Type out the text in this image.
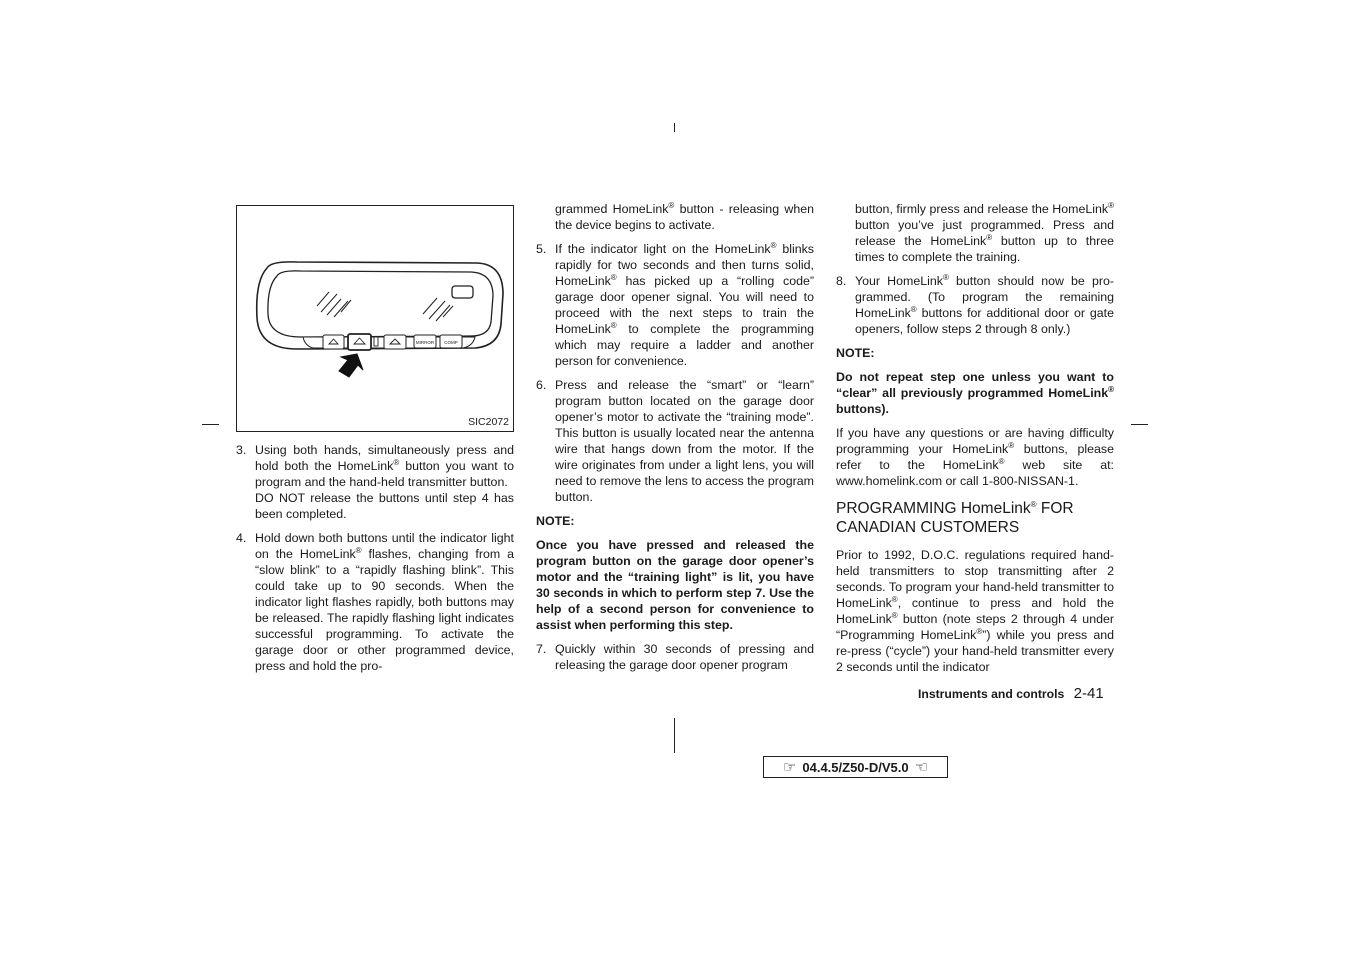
MIRROR COMP
SIC2072
3. Using both hands, simultaneously press and hold both the HomeLink® button you want to program and the hand-held transmitter button.
DO NOT release the buttons until step 4 has been completed.
4. Hold down both buttons until the indicator light on the HomeLink® flashes, changing from a “slow blink” to a “rapidly flashing blink”. This could take up to 90 seconds. When the indicator light flashes rapidly, both buttons may be released. The rapidly flashing light indicates successful programming. To activate the garage door or other programmed device, press and hold the pro-
grammed HomeLink® button - releasing when the device begins to activate.
5. If the indicator light on the HomeLink® blinks rapidly for two seconds and then turns solid, HomeLink® has picked up a “rolling code” garage door opener signal. You will need to proceed with the next steps to train the HomeLink® to complete the programming which may require a ladder and another person for convenience.
6. Press and release the “smart” or “learn” program button located on the garage door opener’s motor to activate the “training mode”. This button is usually located near the antenna wire that hangs down from the motor. If the wire originates from under a light lens, you will need to remove the lens to access the program button.

NOTE:

Once you have pressed and released the program button on the garage door opener’s motor and the “training light” is lit, you have 30 seconds in which to perform step 7. Use the help of a second person for convenience to assist when performing this step.

7. Quickly within 30 seconds of pressing and releasing the garage door opener program
button, firmly press and release the HomeLink® button you’ve just programmed. Press and release the HomeLink® button up to three times to complete the training.
8. Your HomeLink® button should now be programmed. (To program the remaining HomeLink® buttons for additional door or gate openers, follow steps 2 through 8 only.)

NOTE:

Do not repeat step one unless you want to “clear” all previously programmed HomeLink® buttons).

If you have any questions or are having difficulty programming your HomeLink® buttons, please refer to the HomeLink® web site at: www.homelink.com or call 1-800-NISSAN-1.

PROGRAMMING HomeLink® FOR CANADIAN CUSTOMERS

Prior to 1992, D.O.C. regulations required handheld transmitters to stop transmitting after 2 seconds. To program your hand-held transmitter to HomeLink®, continue to press and hold the HomeLink® button (note steps 2 through 4 under “Programming HomeLink®”) while you press and re-press (“cycle”) your hand-held transmitter every 2 seconds until the indicator

Instruments and controls 2-41
☞ 04.4.5/Z50-D/V5.0 ☜
